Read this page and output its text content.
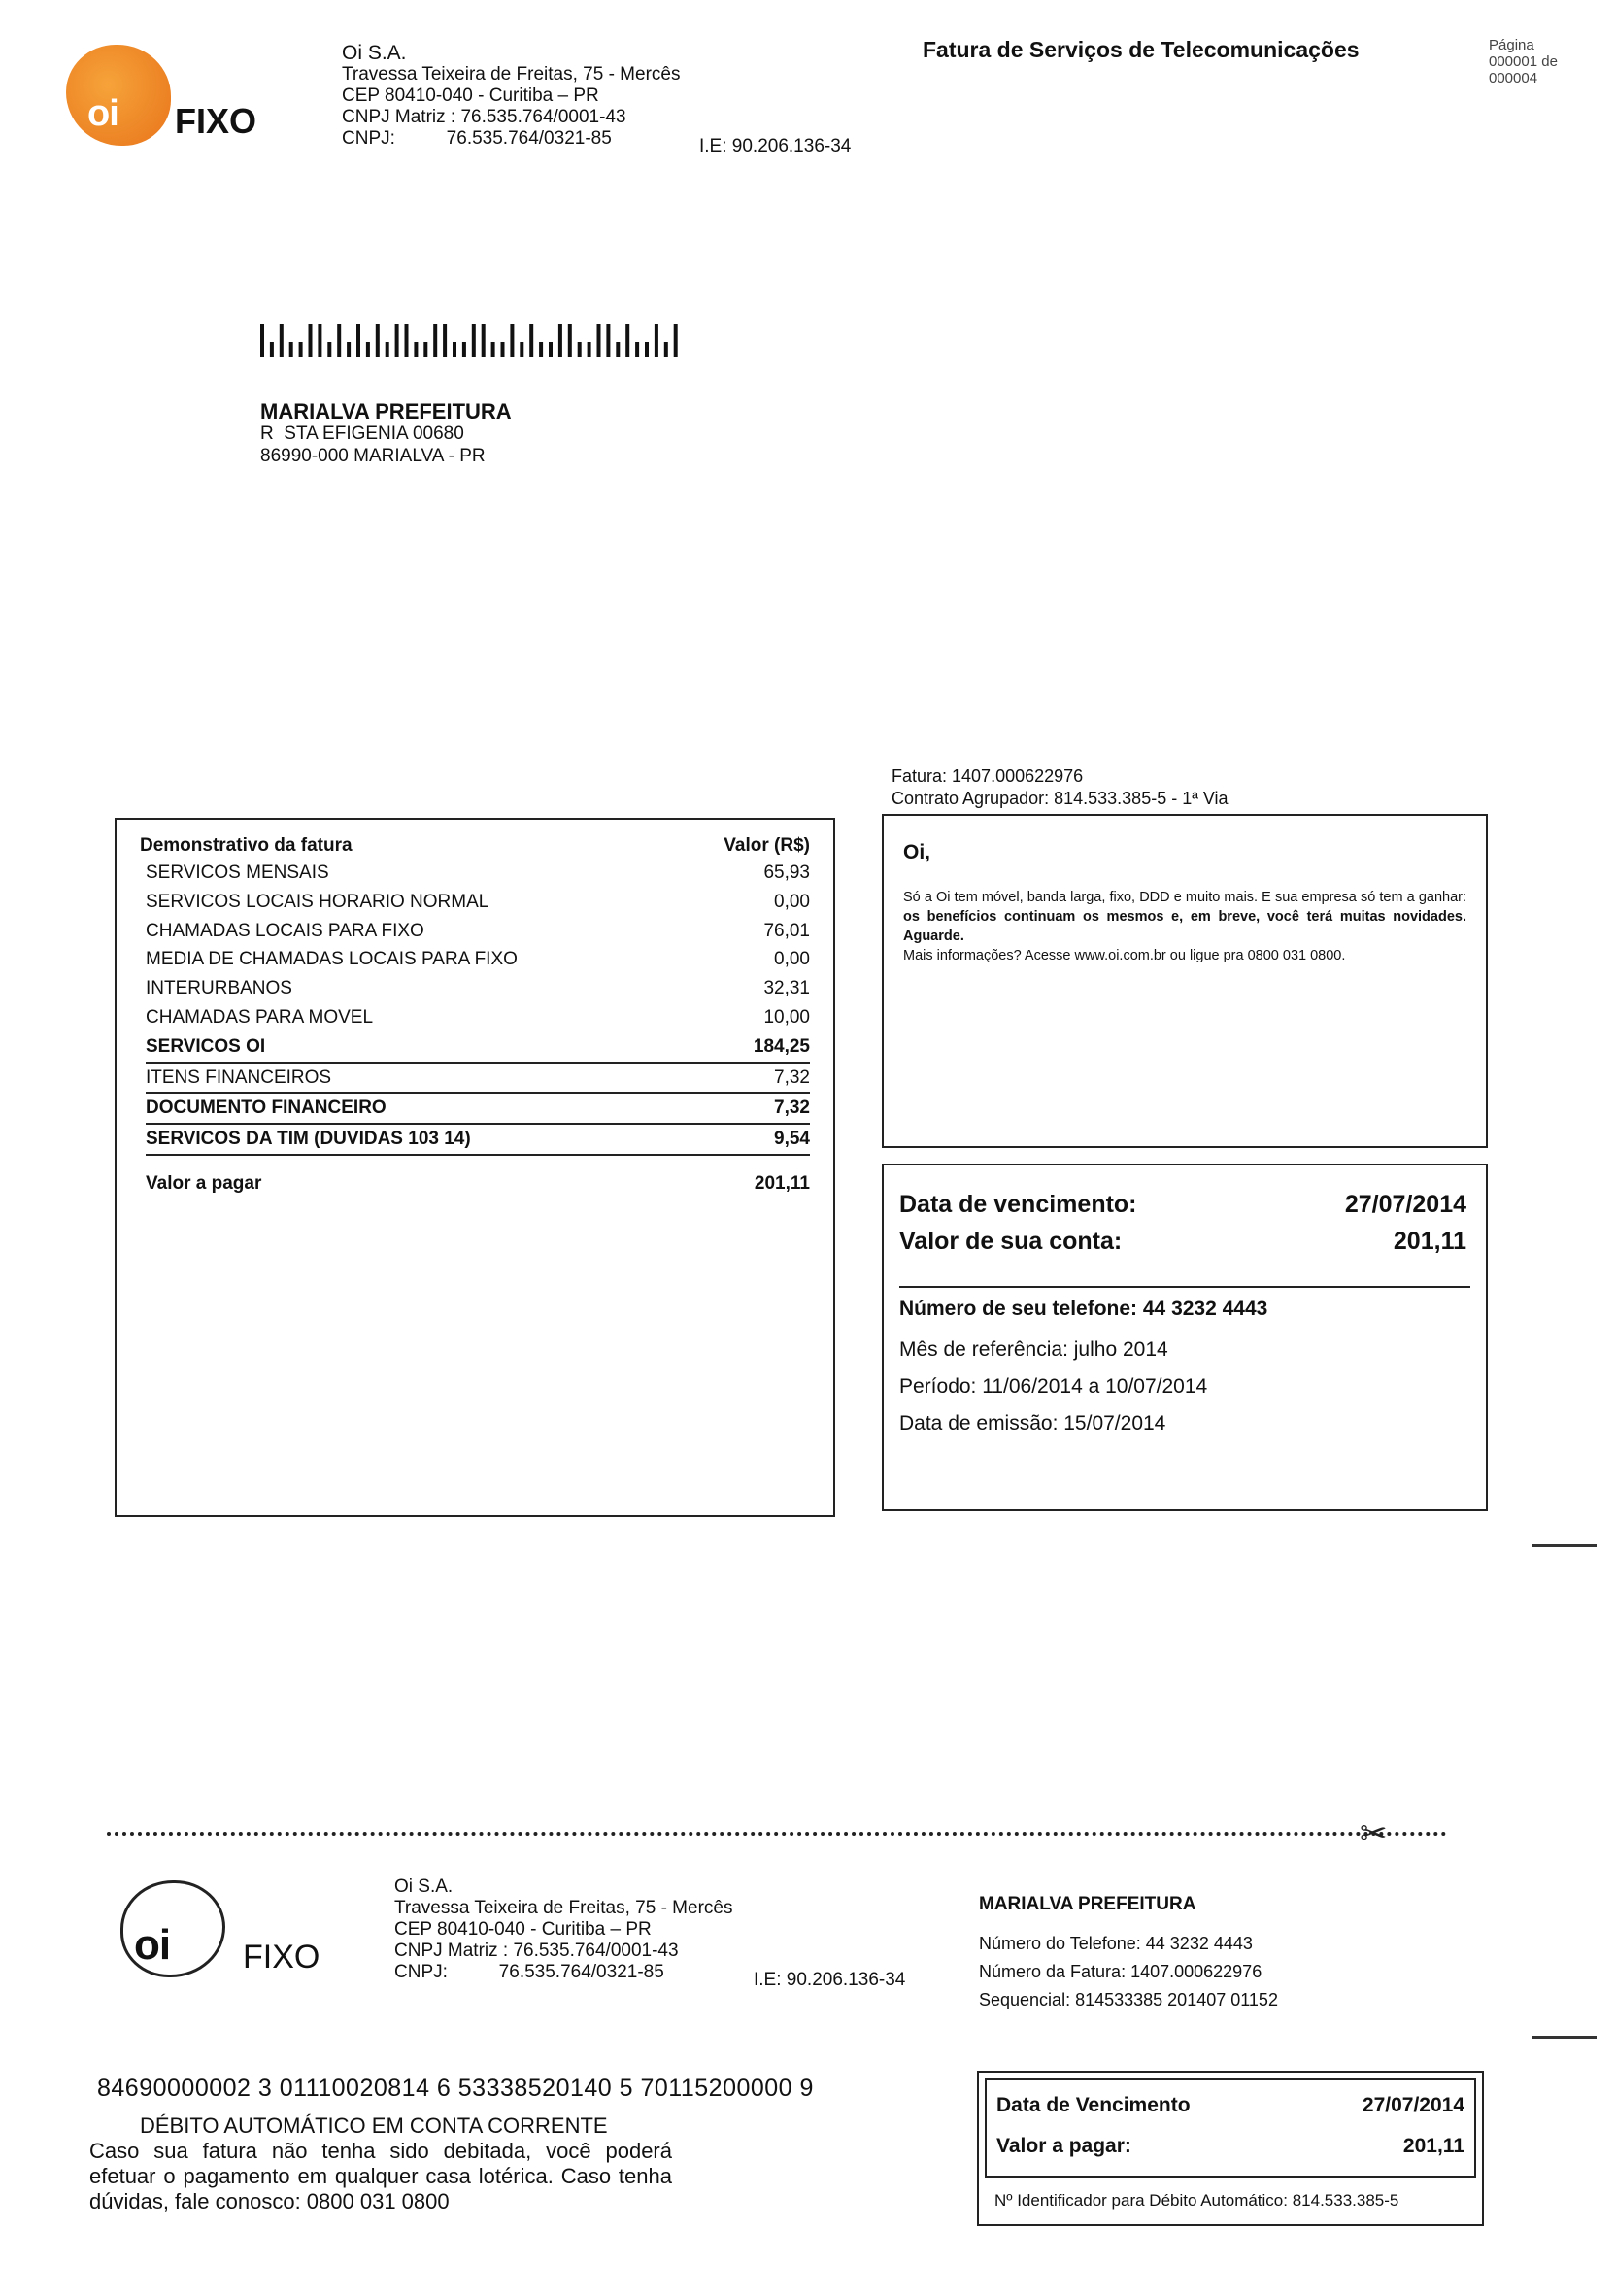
oi FIXO
Oi S.A.
Travessa Teixeira de Freitas, 75 - Mercês
CEP 80410-040 - Curitiba – PR
CNPJ Matriz : 76.535.764/0001-43
CNPJ:          76.535.764/0321-85	I.E: 90.206.136-34
Fatura de Serviços de Telecomunicações	Página
000001 de
000004
MARIALVA PREFEITURA
R  STA EFIGENIA 00680
86990-000 MARIALVA - PR
Fatura: 1407.000622976
Contrato Agrupador: 814.533.385-5 - 1ª Via
Demonstrativo da fatura	Valor (R$)
SERVICOS MENSAIS	65,93
SERVICOS LOCAIS HORARIO NORMAL	0,00
CHAMADAS LOCAIS PARA FIXO	76,01
MEDIA DE CHAMADAS LOCAIS PARA FIXO	0,00
INTERURBANOS	32,31
CHAMADAS PARA MOVEL	10,00
SERVICOS OI	184,25
ITENS FINANCEIROS	7,32
DOCUMENTO FINANCEIRO	7,32
SERVICOS DA TIM (DUVIDAS 103 14)	9,54
Valor a pagar	201,11
Oi,
Só a Oi tem móvel, banda larga, fixo, DDD e muito mais. E sua empresa só tem a ganhar: os benefícios continuam os mesmos e, em breve, você terá muitas novidades. Aguarde.
Mais informações? Acesse www.oi.com.br ou ligue pra 0800 031 0800.
Data de vencimento:	27/07/2014
Valor de sua conta:	201,11
Número de seu telefone: 44 3232 4443
Mês de referência: julho 2014
Período: 11/06/2014 a 10/07/2014
Data de emissão: 15/07/2014
✂
oi FIXO
Oi S.A.
Travessa Teixeira de Freitas, 75 - Mercês
CEP 80410-040 - Curitiba – PR
CNPJ Matriz : 76.535.764/0001-43
CNPJ:          76.535.764/0321-85	I.E: 90.206.136-34
MARIALVA PREFEITURA
Número do Telefone: 44 3232 4443
Número da Fatura: 1407.000622976
Sequencial: 814533385 201407 01152
84690000002 3 01110020814 6 53338520140 5 70115200000 9
DÉBITO AUTOMÁTICO EM CONTA CORRENTE
Caso sua fatura não tenha sido debitada, você poderá efetuar o pagamento em qualquer casa lotérica. Caso tenha dúvidas, fale conosco: 0800 031 0800
Data de Vencimento	27/07/2014
Valor a pagar:	201,11
Nº Identificador para Débito Automático: 814.533.385-5
